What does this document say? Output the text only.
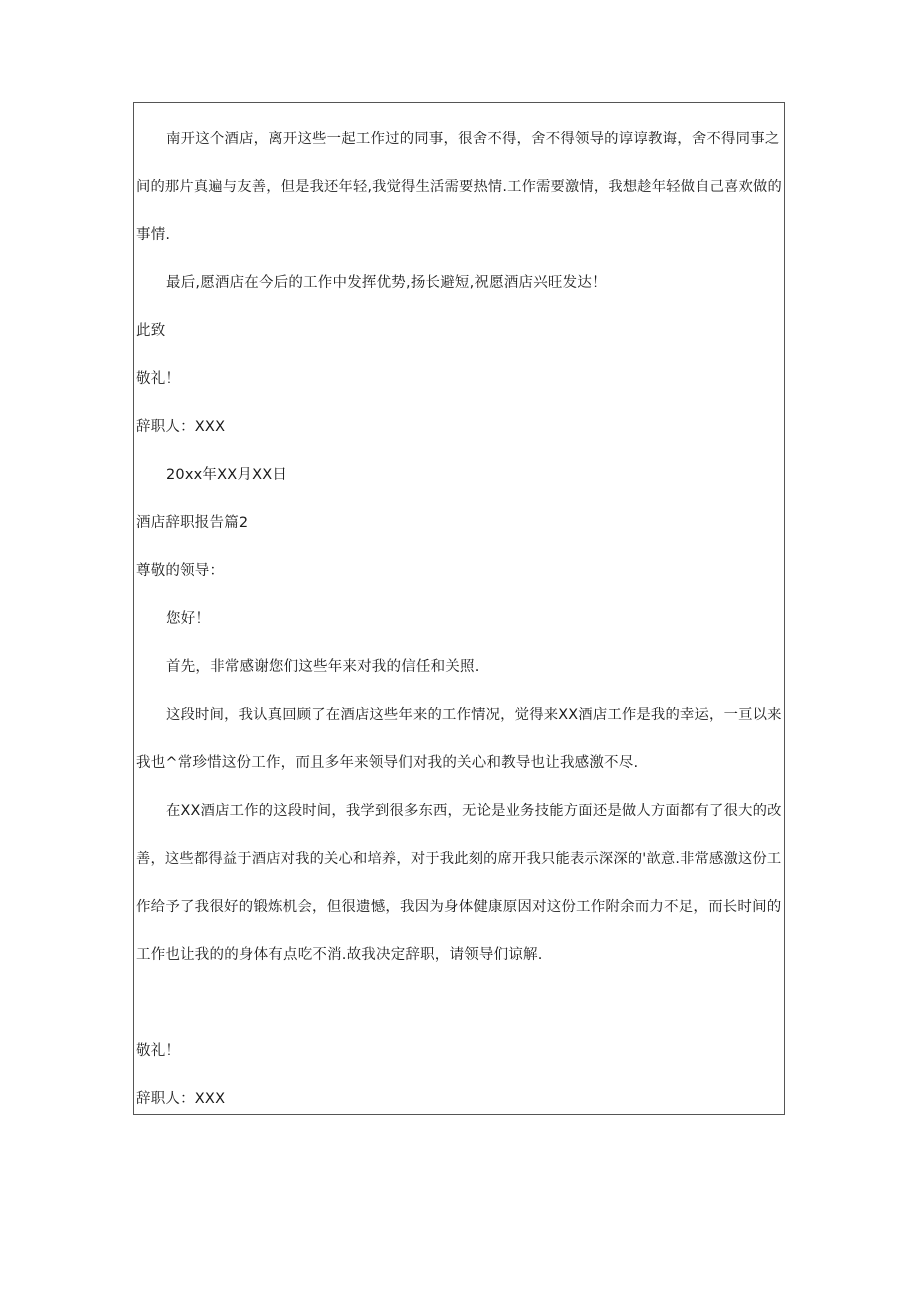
南开这个酒店，离开这些一起工作过的同事，很舍不得，舍不得领导的谆谆教诲，舍不得同事之
间的那片真遍与友善，但是我还年轻,我觉得生活需要热情.工作需要激情，我想趁年轻做自己喜欢做的
事情.
最后,愿酒店在今后的工作中发挥优势,扬长避短,祝愿酒店兴旺发达！
此致
敬礼！
辞职人：XXX
20xx年XX月XX日
酒店辞职报告篇2
尊敬的领导：
您好！
首先，非常感谢您们这些年来对我的信任和关照.
这段时间，我认真回顾了在酒店这些年来的工作情况，觉得来XX酒店工作是我的幸运，一亘以来
我也^常珍惜这份工作，而且多年来领导们对我的关心和教导也让我感激不尽.
在XX酒店工作的这段时间，我学到很多东西，无论是业务技能方面还是做人方面都有了很大的改
善，这些都得益于酒店对我的关心和培养，对于我此刻的席开我只能表示深深的'歆意.非常感激这份工
作给予了我很好的锻炼机会，但很遗憾，我因为身体健康原因对这份工作附余而力不足，而长时间的
工作也让我的的身体有点吃不消.故我决定辞职，请领导们谅解.
敬礼！
辞职人：XXX
